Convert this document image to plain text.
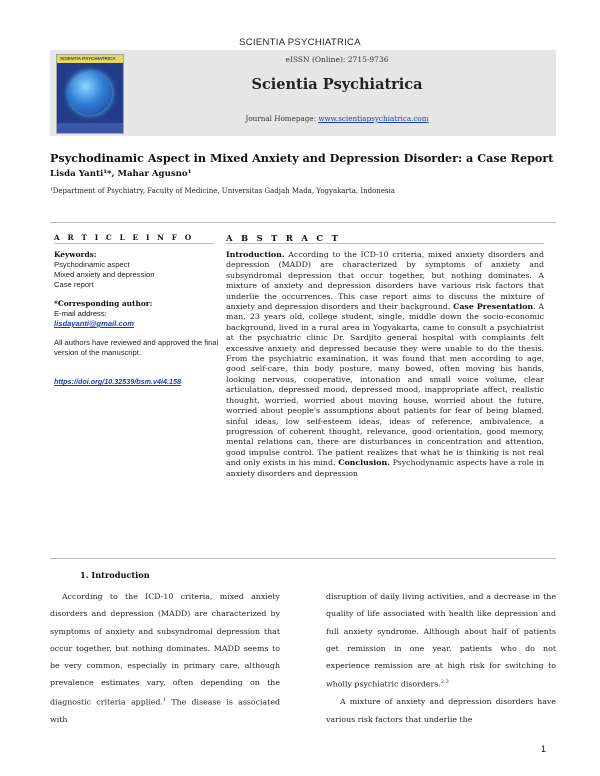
SCIENTIA PSYCHIATRICA
SCIENTIA PSYCHIATRICA	eISSN (Online): 2715-9736
Scientia Psychiatrica
Journal Homepage: www.scientiapsychiatrica.com
Psychodinamic Aspect in Mixed Anxiety and Depression Disorder: a Case Report
Lisda Yanti¹*, Mahar Agusno¹
¹Department of Psychiatry, Faculty of Medicine, Universitas Gadjah Mada, Yogyakarta, Indonesia
A R T I C L E I N F O
Keywords:
Psychodinamic aspect
Mixed anxiety and depression
Case report
*Corresponding author:
E-mail address:
lisdayanti@gmail.com
All authors have reviewed and approved the final version of the manuscript.
https://doi.org/10.32539/bsm.v4i4.158
A B S T R A C T
Introduction. According to the ICD-10 criteria, mixed anxiety disorders and depression (MADD) are characterized by symptoms of anxiety and subsyndromal depression that occur together, but nothing dominates. A mixture of anxiety and depression disorders have various risk factors that underlie the occurrences. This case report aims to discuss the mixture of anxiety and depression disorders and their background. Case Presentation. A man, 23 years old, college student, single, middle down the socio-economic background, lived in a rural area in Yogyakarta, came to consult a psychiatrist at the psychiatric clinic Dr. Sardjito general hospital with complaints felt excessive anxiety and depressed because they were unable to do the thesis. From the psychiatric examination, it was found that men according to age, good self-care, thin body posture, many bowed, often moving his hands, looking nervous, cooperative, intonation and small voice volume, clear articulation, depressed mood, depressed mood, inappropriate affect, realistic thought, worried, worried about moving house, worried about the future, worried about people's assumptions about patients for fear of being blamed, sinful ideas, low self-esteem ideas, ideas of reference, ambivalence, a progression of coherent thought, relevance, good orientation, good memory, mental relations can, there are disturbances in concentration and attention, good impulse control. The patient realizes that what he is thinking is not real and only exists in his mind. Conclusion. Psychodynamic aspects have a role in anxiety disorders and depression
1. Introduction

According to the ICD-10 criteria, mixed anxiety disorders and depression (MADD) are characterized by symptoms of anxiety and subsyndromal depression that occur together, but nothing dominates. MADD seems to be very common, especially in primary care, although prevalence estimates vary, often depending on the diagnostic criteria applied.$^1$ The disease is associated with

disruption of daily living activities, and a decrease in the quality of life associated with health like depression and full anxiety syndrome. Although about half of patients get remission in one year, patients who do not experience remission are at high risk for switching to wholly psychiatric disorders.$^{2,3}$

A mixture of anxiety and depression disorders have various risk factors that underlie the

1
